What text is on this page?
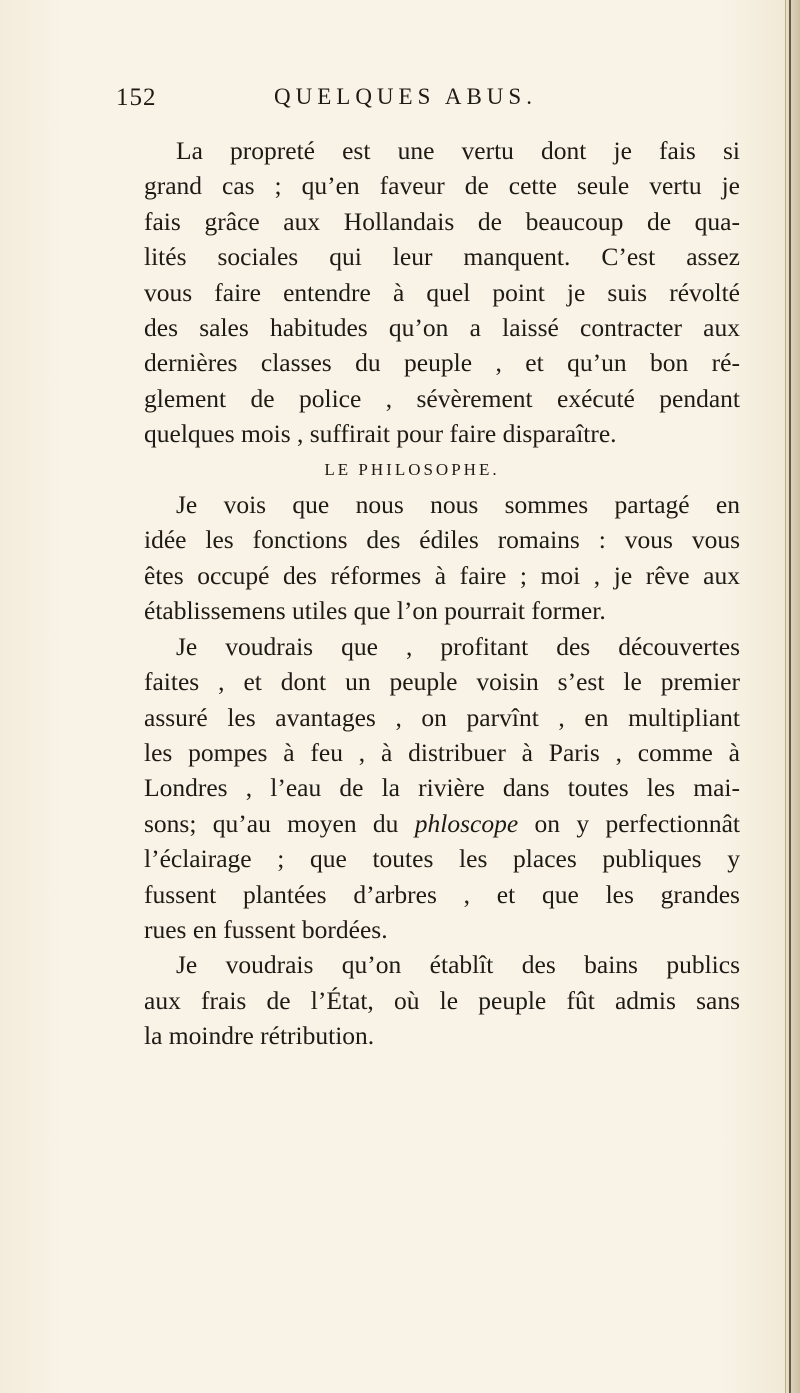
152	QUELQUES ABUS.
La propreté est une vertu dont je fais si
grand cas ; qu’en faveur de cette seule vertu je
fais grâce aux Hollandais de beaucoup de qua-
lités sociales qui leur manquent. C’est assez
vous faire entendre à quel point je suis révolté
des sales habitudes qu’on a laissé contracter aux
dernières classes du peuple , et qu’un bon ré-
glement de police , sévèrement exécuté pendant
quelques mois , suffirait pour faire disparaître.
LE PHILOSOPHE.
Je vois que nous nous sommes partagé en
idée les fonctions des édiles romains : vous vous
êtes occupé des réformes à faire ; moi , je rêve aux
établissemens utiles que l’on pourrait former.
Je voudrais que , profitant des découvertes
faites , et dont un peuple voisin s’est le premier
assuré les avantages , on parvînt , en multipliant
les pompes à feu , à distribuer à Paris , comme à
Londres , l’eau de la rivière dans toutes les mai-
sons; qu’au moyen du phloscope on y perfectionnât
l’éclairage ; que toutes les places publiques y
fussent plantées d’arbres , et que les grandes
rues en fussent bordées.
Je voudrais qu’on établît des bains publics
aux frais de l’État, où le peuple fût admis sans
la moindre rétribution.
